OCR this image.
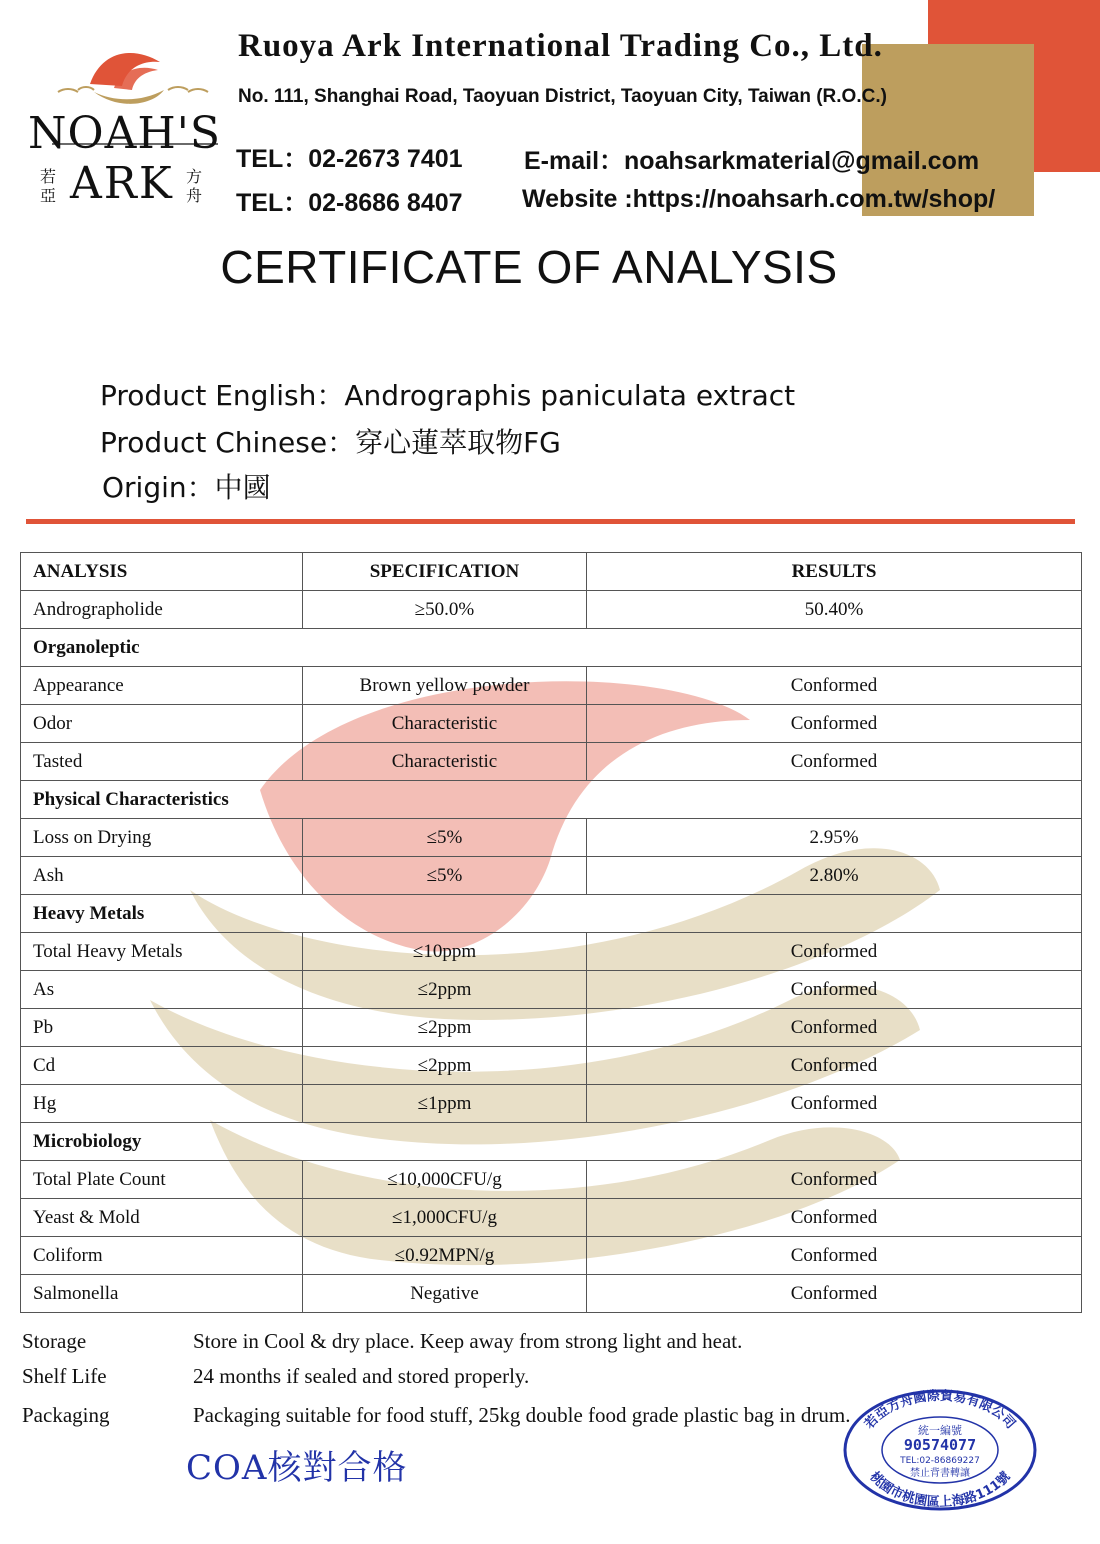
NOAH'S
ARK
若亞
方舟
Ruoya Ark International Trading Co., Ltd.
No. 111, Shanghai Road, Taoyuan District, Taoyuan City, Taiwan (R.O.C.)
TEL：02-2673 7401
TEL：02-8686 8407
E-mail：noahsarkmaterial@gmail.com
Website :https://noahsarh.com.tw/shop/
CERTIFICATE OF ANALYSIS
Product English：Andrographis paniculata extract
Product Chinese：穿心蓮萃取物FG
Origin：中國
ANALYSIS	SPECIFICATION	RESULTS
Andrographolide	≥50.0%	50.40%
Organoleptic		
Appearance	Brown yellow powder	Conformed
Odor	Characteristic	Conformed
Tasted	Characteristic	Conformed
Physical Characteristics		
Loss on Drying	≤5%	2.95%
Ash	≤5%	2.80%
Heavy Metals		
Total Heavy Metals	≤10ppm	Conformed
As	≤2ppm	Conformed
Pb	≤2ppm	Conformed
Cd	≤2ppm	Conformed
Hg	≤1ppm	Conformed
Microbiology		
Total Plate Count	≤10,000CFU/g	Conformed
Yeast & Mold	≤1,000CFU/g	Conformed
Coliform	≤0.92MPN/g	Conformed
Salmonella	Negative	Conformed
Storage	Store in Cool & dry place. Keep away from strong light and heat.
Shelf Life	24 months if sealed and stored properly.
Packaging	Packaging suitable for food stuff, 25kg double food grade plastic bag in drum.
COA核對合格
若亞方舟國際貿易有限公司
桃園市桃園區上海路111號
統一編號
90574077
TEL:02-86869227
禁止背書轉讓
